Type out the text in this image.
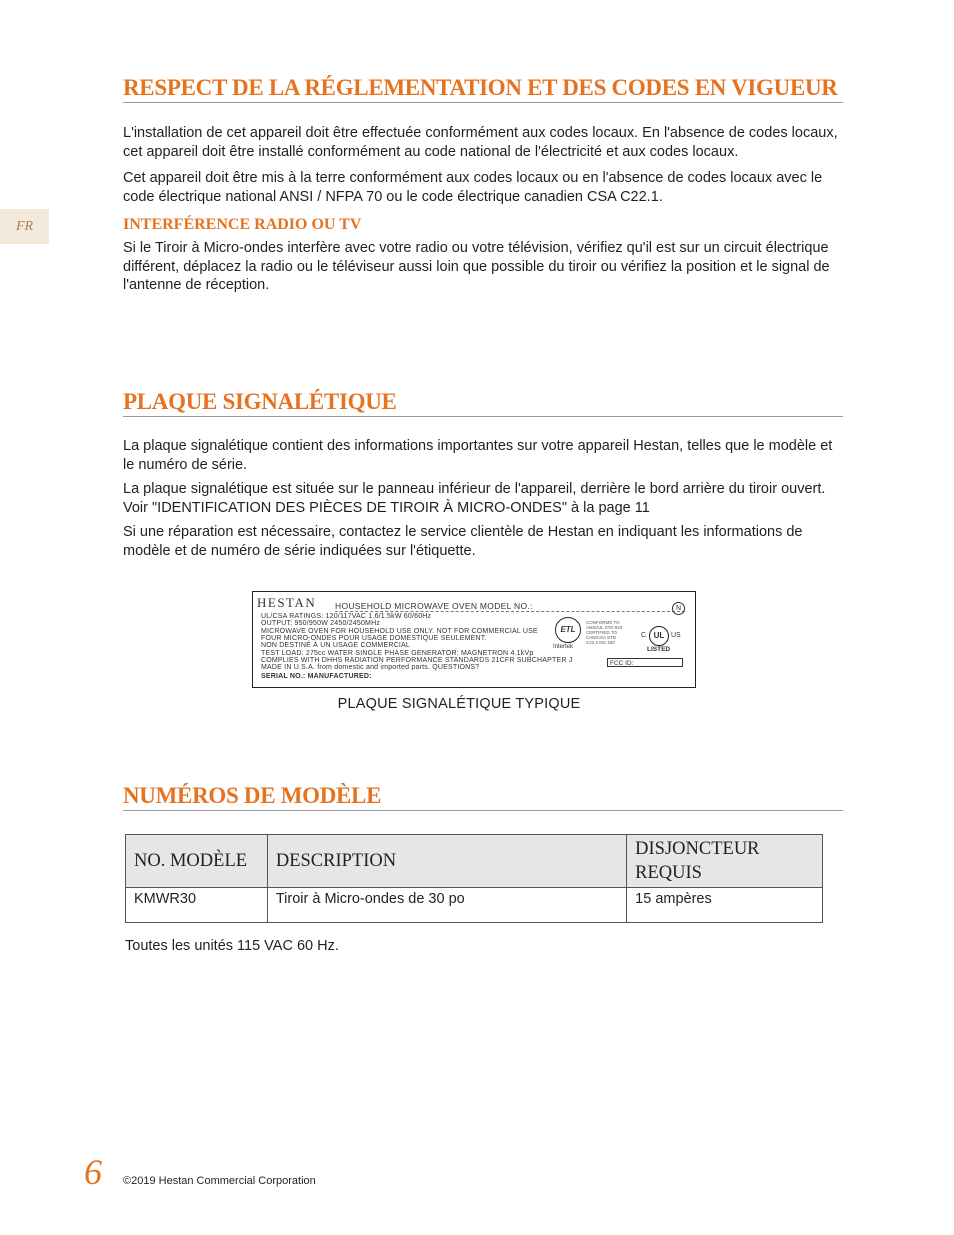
FR
RESPECT DE LA RÉGLEMENTATION ET DES CODES EN VIGUEUR

L'installation de cet appareil doit être effectuée conformément aux codes locaux. En l'absence de codes locaux, cet appareil doit être installé conformément au code national de l'électricité et aux codes locaux.

Cet appareil doit être mis à la terre conformément aux codes locaux ou en l'absence de codes locaux avec le code électrique national ANSI / NFPA 70 ou le code électrique canadien CSA C22.1.

INTERFÉRENCE RADIO OU TV

Si le Tiroir à Micro-ondes interfère avec votre radio ou votre télévision, vérifiez qu'il est sur un circuit électrique différent, déplacez la radio ou le téléviseur aussi loin que possible du tiroir ou vérifiez la position et le signal de l'antenne de réception.

PLAQUE SIGNALÉTIQUE

La plaque signalétique contient des informations importantes sur votre appareil Hestan, telles que le modèle et le numéro de série.

La plaque signalétique est située sur le panneau inférieur de l'appareil, derrière le bord arrière du tiroir ouvert. Voir "IDENTIFICATION DES PIÈCES DE TIROIR À MICRO-ONDES" à la page 11

Si une réparation est nécessaire, contactez le service clientèle de Hestan en indiquant les informations de modèle et de numéro de série indiquées sur l'étiquette.

HESTAN HOUSEHOLD MICROWAVE OVEN MODEL NO.:	N
UL/CSA RATINGS: 120/117VAC 1.6/1.5kW 60/60Hz
OUTPUT: 950/950W 2450/2450MHz
MICROWAVE OVEN FOR HOUSEHOLD USE ONLY. NOT FOR COMMERCIAL USE
FOUR MICRO-ONDES POUR USAGE DOMESTIQUE SEULEMENT.
NON DESTINÉ À UN USAGE COMMERCIAL
TEST LOAD: 275cc WATER SINGLE PHASE GENERATOR: MAGNETRON 4.1kVp
COMPLIES WITH DHHS RADIATION PERFORMANCE STANDARDS 21CFR SUBCHAPTER J
MADE IN U.S.A. from domestic and imported parts. QUESTIONS?
SERIAL NO.: MANUFACTURED:
ETL
Intertek
CONFORMS TO ANSI/UL STD 923 CERTIFIED TO CAN/CSA STD C22.2 NO.150
C UL US
LISTED
FCC ID:
PLAQUE SIGNALÉTIQUE TYPIQUE
NUMÉROS DE MODÈLE
NO. MODÈLE	DESCRIPTION	DISJONCTEUR REQUIS
KMWR30	Tiroir à Micro-ondes de 30 po	15 ampères
Toutes les unités 115 VAC 60 Hz.
6 ©2019 Hestan Commercial Corporation
